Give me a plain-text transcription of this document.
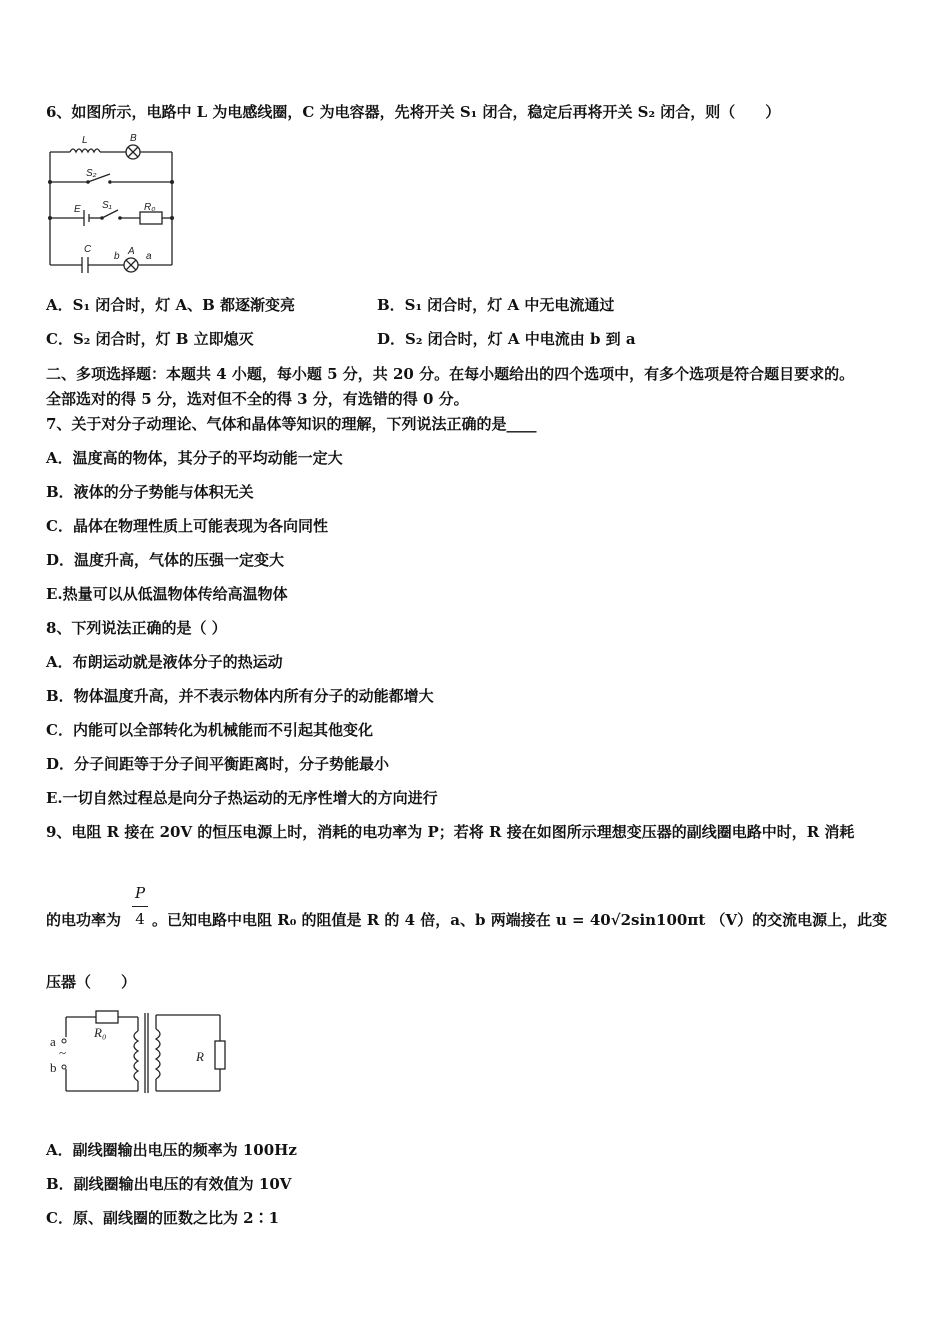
6、如图所示，电路中 L 为电感线圈，C 为电容器，先将开关 S₁ 闭合，稳定后再将开关 S₂ 闭合，则（　　）
L	B
S₂
E S₁	R₀
C
b A a
A．S₁ 闭合时，灯 A、B 都逐渐变亮	B．S₁ 闭合时，灯 A 中无电流通过
C．S₂ 闭合时，灯 B 立即熄灭	D．S₂ 闭合时，灯 A 中电流由 b 到 a
二、多项选择题：本题共 4 小题，每小题 5 分，共 20 分。在每小题给出的四个选项中，有多个选项是符合题目要求的。
全部选对的得 5 分，选对但不全的得 3 分，有选错的得 0 分。
7、关于对分子动理论、气体和晶体等知识的理解，下列说法正确的是____
A．温度高的物体，其分子的平均动能一定大
B．液体的分子势能与体积无关
C．晶体在物理性质上可能表现为各向同性
D．温度升高，气体的压强一定变大
E.热量可以从低温物体传给高温物体
8、下列说法正确的是（ ）
A．布朗运动就是液体分子的热运动
B．物体温度升高，并不表示物体内所有分子的动能都增大
C．内能可以全部转化为机械能而不引起其他变化
D．分子间距等于分子间平衡距离时，分子势能最小
E.一切自然过程总是向分子热运动的无序性增大的方向进行
9、电阻 R 接在 20V 的恒压电源上时，消耗的电功率为 P；若将 R 接在如图所示理想变压器的副线圈电路中时，R 消耗
的电功率为
P
4 。已知电路中电阻 R₀ 的阻值是 R 的 4 倍，a、b 两端接在 u = 40√2sin100πt （V）的交流电源上，此变
压器（　　）
a
b
~
R₀
R
A．副线圈输出电压的频率为 100Hz
B．副线圈输出电压的有效值为 10V
C．原、副线圈的匝数之比为 2∶1
